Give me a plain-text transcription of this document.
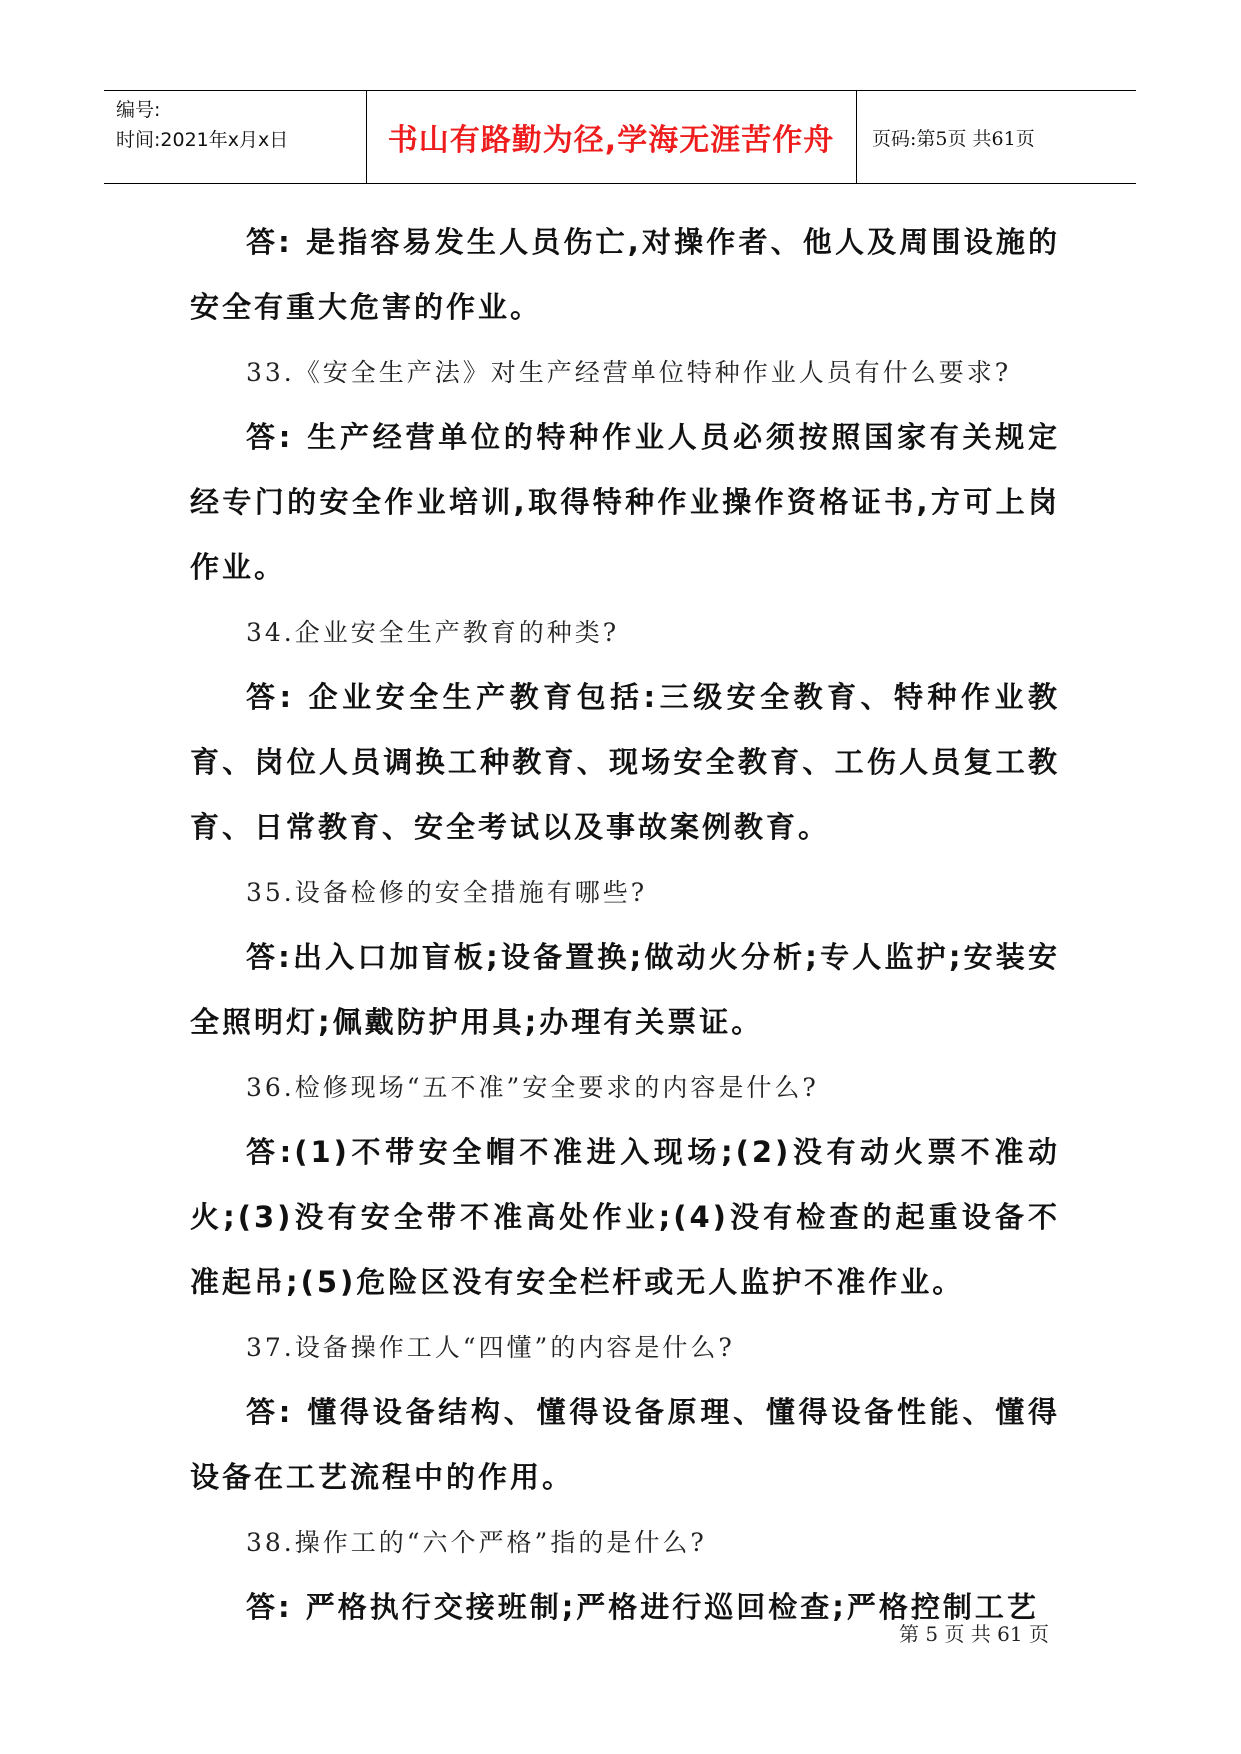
编号:
时间:2021年x月x日	书山有路勤为径,学海无涯苦作舟	页码:第5页 共61页

答: 是指容易发生人员伤亡,对操作者、他人及周围设施的安全有重大危害的作业。

33.《安全生产法》对生产经营单位特种作业人员有什么要求?

答: 生产经营单位的特种作业人员必须按照国家有关规定经专门的安全作业培训,取得特种作业操作资格证书,方可上岗作业。

34.企业安全生产教育的种类?

答: 企业安全生产教育包括:三级安全教育、特种作业教育、岗位人员调换工种教育、现场安全教育、工伤人员复工教育、日常教育、安全考试以及事故案例教育。

35.设备检修的安全措施有哪些?

答:出入口加盲板;设备置换;做动火分析;专人监护;安装安全照明灯;佩戴防护用具;办理有关票证。

36.检修现场“五不准”安全要求的内容是什么?

答:(1)不带安全帽不准进入现场;(2)没有动火票不准动火;(3)没有安全带不准高处作业;(4)没有检查的起重设备不准起吊;(5)危险区没有安全栏杆或无人监护不准作业。

37.设备操作工人“四懂”的内容是什么?

答: 懂得设备结构、懂得设备原理、懂得设备性能、懂得设备在工艺流程中的作用。

38.操作工的“六个严格”指的是什么?

答: 严格执行交接班制;严格进行巡回检查;严格控制工艺

第 5 页 共 61 页
